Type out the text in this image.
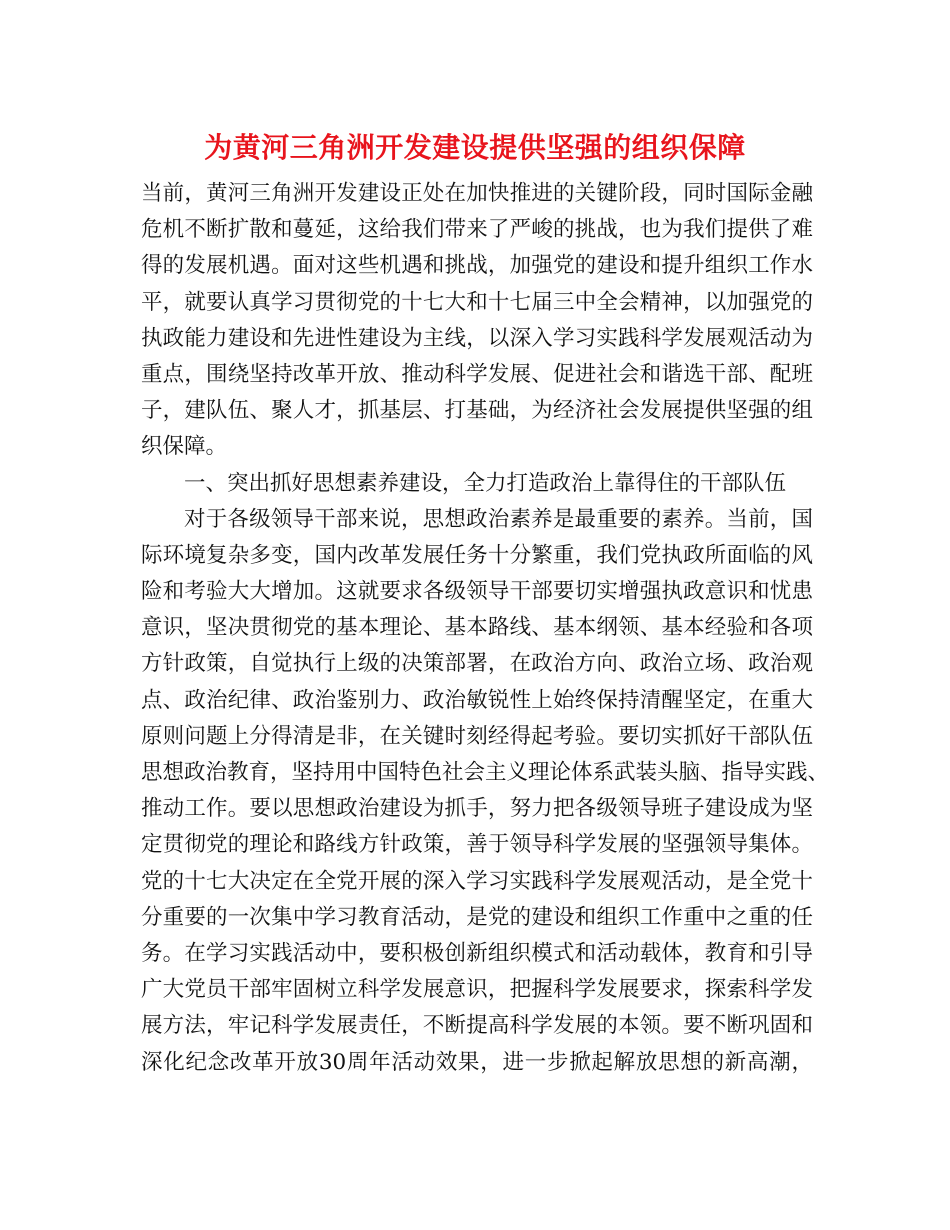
为黄河三角洲开发建设提供坚强的组织保障
当前，黄河三角洲开发建设正处在加快推进的关键阶段，同时国际金融
危机不断扩散和蔓延，这给我们带来了严峻的挑战，也为我们提供了难
得的发展机遇。面对这些机遇和挑战，加强党的建设和提升组织工作水
平，就要认真学习贯彻党的十七大和十七届三中全会精神，以加强党的
执政能力建设和先进性建设为主线，以深入学习实践科学发展观活动为
重点，围绕坚持改革开放、推动科学发展、促进社会和谐选干部、配班
子，建队伍、聚人才，抓基层、打基础，为经济社会发展提供坚强的组
织保障。
一、突出抓好思想素养建设，全力打造政治上靠得住的干部队伍
对于各级领导干部来说，思想政治素养是最重要的素养。当前，国
际环境复杂多变，国内改革发展任务十分繁重，我们党执政所面临的风
险和考验大大增加。这就要求各级领导干部要切实增强执政意识和忧患
意识，坚决贯彻党的基本理论、基本路线、基本纲领、基本经验和各项
方针政策，自觉执行上级的决策部署，在政治方向、政治立场、政治观
点、政治纪律、政治鉴别力、政治敏锐性上始终保持清醒坚定，在重大
原则问题上分得清是非，在关键时刻经得起考验。要切实抓好干部队伍
思想政治教育，坚持用中国特色社会主义理论体系武装头脑、指导实践、
推动工作。要以思想政治建设为抓手，努力把各级领导班子建设成为坚
定贯彻党的理论和路线方针政策，善于领导科学发展的坚强领导集体。
党的十七大决定在全党开展的深入学习实践科学发展观活动，是全党十
分重要的一次集中学习教育活动，是党的建设和组织工作重中之重的任
务。在学习实践活动中，要积极创新组织模式和活动载体，教育和引导
广大党员干部牢固树立科学发展意识，把握科学发展要求，探索科学发
展方法，牢记科学发展责任，不断提高科学发展的本领。要不断巩固和
深化纪念改革开放30周年活动效果，进一步掀起解放思想的新高潮，
